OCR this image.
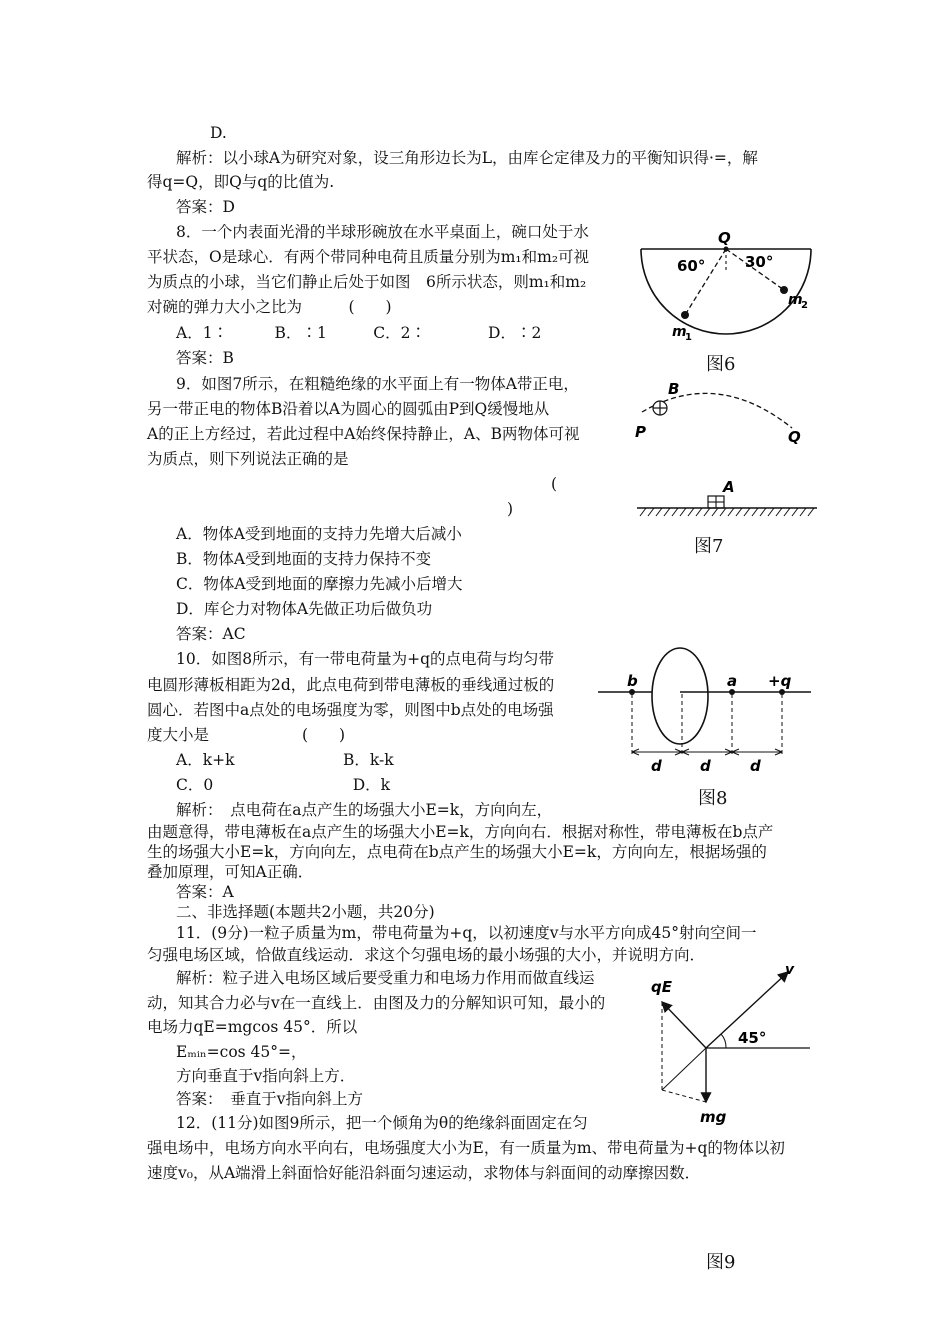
D.
解析：以小球A为研究对象，设三角形边长为L，由库仑定律及力的平衡知识得·=，解
得q=Q，即Q与q的比值为.
答案：D
8．一个内表面光滑的半球形碗放在水平桌面上，碗口处于水
平状态，O是球心．有两个带同种电荷且质量分别为m₁和m₂可视
为质点的小球，当它们静止后处于如图　6所示状态，则m₁和m₂
对碗的弹力大小之比为　　　(　　)
A．1∶　　　B．∶1　　　C．2∶　　　　D．∶2
答案：B
9．如图7所示，在粗糙绝缘的水平面上有一物体A带正电，
另一带正电的物体B沿着以A为圆心的圆弧由P到Q缓慢地从
A的正上方经过，若此过程中A始终保持静止，A、B两物体可视
为质点，则下列说法正确的是
(
)
A．物体A受到地面的支持力先增大后减小
B．物体A受到地面的支持力保持不变
C．物体A受到地面的摩擦力先减小后增大
D．库仑力对物体A先做正功后做负功
答案：AC
10．如图8所示，有一带电荷量为+q的点电荷与均匀带
电圆形薄板相距为2d，此点电荷到带电薄板的垂线通过板的
圆心．若图中a点处的电场强度为零，则图中b点处的电场强
度大小是　　　　　　(　　)
A．k+k　　　　　　　B．k-k
C．0　　　　　　　　　D．k
解析：　点电荷在a点产生的场强大小E=k，方向向左，
由题意得，带电薄板在a点产生的场强大小E=k，方向向右．根据对称性，带电薄板在b点产
生的场强大小E=k，方向向左，点电荷在b点产生的场强大小E=k，方向向左，根据场强的
叠加原理，可知A正确．
答案：A
二、非选择题(本题共2小题，共20分)
11．(9分)一粒子质量为m，带电荷量为+q，以初速度v与水平方向成45°射向空间一
匀强电场区域，恰做直线运动．求这个匀强电场的最小场强的大小，并说明方向．
解析：粒子进入电场区域后要受重力和电场力作用而做直线运
动，知其合力必与v在一直线上．由图及力的分解知识可知，最小的
电场力qE=mgcos 45°．所以
Eₘᵢₙ=cos 45°=，
方向垂直于v指向斜上方．
答案：　垂直于v指向斜上方
12．(11分)如图9所示，把一个倾角为θ的绝缘斜面固定在匀
强电场中，电场方向水平向右，电场强度大小为E，有一质量为m、带电荷量为+q的物体以初
速度v₀，从A端滑上斜面恰好能沿斜面匀速运动，求物体与斜面间的动摩擦因数．
Q
60°	30°
m
1
m
2
图6
B
P	Q
A
图7
b	a +q
d	d	d
图8
v
qE
45°
mg
图9
